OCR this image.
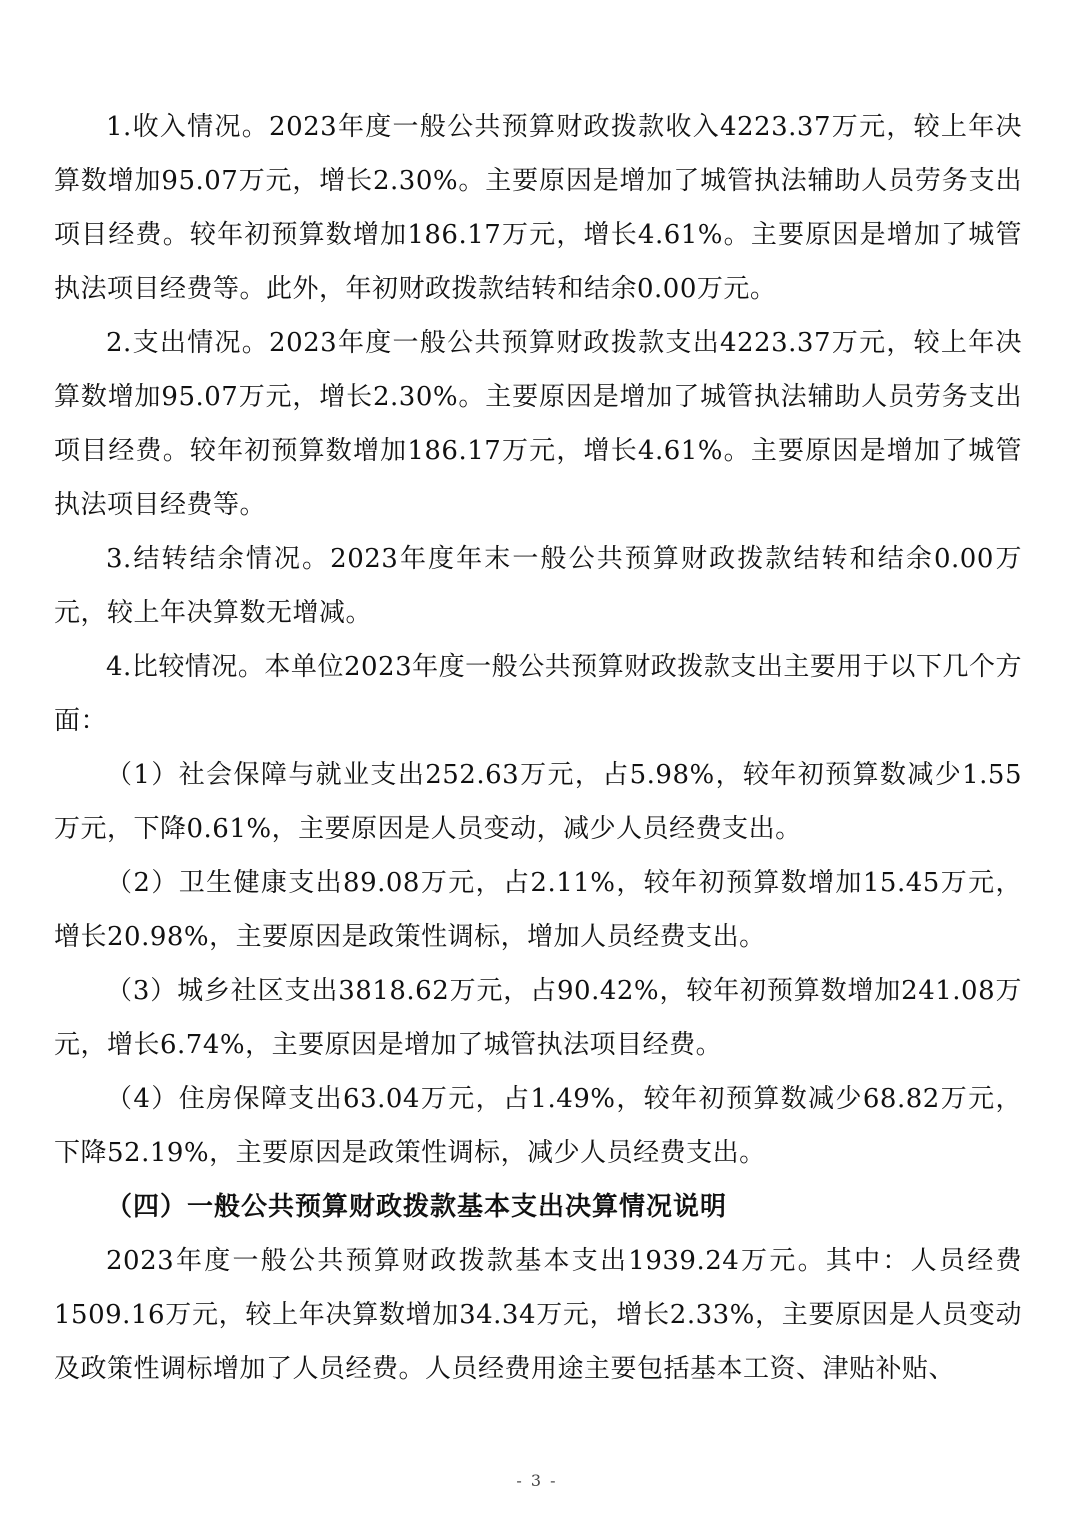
1.收入情况。2023年度一般公共预算财政拨款收入4223.37万元，较上年决算数增加95.07万元，增长2.30%。主要原因是增加了城管执法辅助人员劳务支出项目经费。较年初预算数增加186.17万元，增长4.61%。主要原因是增加了城管执法项目经费等。此外，年初财政拨款结转和结余0.00万元。

2.支出情况。2023年度一般公共预算财政拨款支出4223.37万元，较上年决算数增加95.07万元，增长2.30%。主要原因是增加了城管执法辅助人员劳务支出项目经费。较年初预算数增加186.17万元，增长4.61%。主要原因是增加了城管执法项目经费等。

3.结转结余情况。2023年度年末一般公共预算财政拨款结转和结余0.00万元，较上年决算数无增减。

4.比较情况。本单位2023年度一般公共预算财政拨款支出主要用于以下几个方面：

（1）社会保障与就业支出252.63万元，占5.98%，较年初预算数减少1.55万元，下降0.61%，主要原因是人员变动，减少人员经费支出。

（2）卫生健康支出89.08万元，占2.11%，较年初预算数增加15.45万元，增长20.98%，主要原因是政策性调标，增加人员经费支出。

（3）城乡社区支出3818.62万元，占90.42%，较年初预算数增加241.08万元，增长6.74%，主要原因是增加了城管执法项目经费。

（4）住房保障支出63.04万元，占1.49%，较年初预算数减少68.82万元，下降52.19%，主要原因是政策性调标，减少人员经费支出。

（四）一般公共预算财政拨款基本支出决算情况说明

2023年度一般公共预算财政拨款基本支出1939.24万元。其中：人员经费1509.16万元，较上年决算数增加34.34万元，增长2.33%，主要原因是人员变动及政策性调标增加了人员经费。人员经费用途主要包括基本工资、津贴补贴、

- 3 -
